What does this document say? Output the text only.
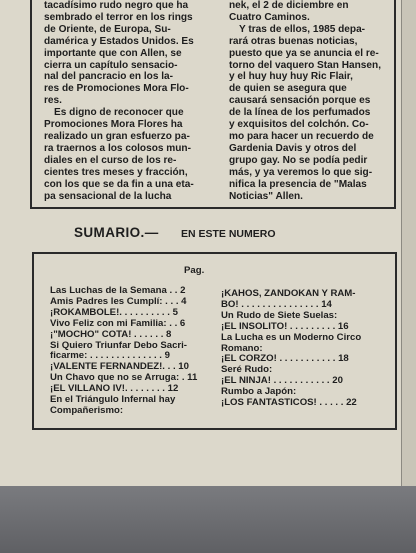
tacadísimo rudo negro que ha

sembrado el terror en los rings

de Oriente, de Europa, Su-

damérica y Estados Unidos. Es

importante que con Allen, se

cierra un capítulo sensacio-

nal del pancracio en los la-

res de Promociones Mora Flo-

res.

Es digno de reconocer que

Promociones Mora Flores ha

realizado un gran esfuerzo pa-

ra traernos a los colosos mun-

diales en el curso de los re-

cientes tres meses y fracción,

con los que se da fin a una eta-

pa sensacional de la lucha

nek, el 2 de diciembre en

Cuatro Caminos.

Y tras de ellos, 1985 depa-

rará otras buenas noticias,

puesto que ya se anuncia el re-

torno del vaquero Stan Hansen,

y el huy huy huy Ric Flair,

de quien se asegura que

causará sensación porque es

de la línea de los perfumados

y exquisitos del colchón. Co-

mo para hacer un recuerdo de

Gardenia Davis y otros del

grupo gay. No se podía pedir

más, y ya veremos lo que sig-

nifica la presencia de "Malas

Noticias" Allen.

SUMARIO.— EN ESTE NUMERO
Pag.
Las Luchas de la Semana . . 2
Amis Padres les Cumplí: . . . 4
¡ROKAMBOLE!. . . . . . . . . . 5
Vivo Feliz con mi Familia: . . 6
¡"MOCHO" COTA! . . . . . . 8
Si Quiero Triunfar Debo Sacri-
ficarme: . . . . . . . . . . . . . . 9
¡VALENTE FERNANDEZ!. . . 10
Un Chavo que no se Arruga: . 11
¡EL VILLANO IV!. . . . . . . . 12
En el Triángulo Infernal hay
Compañerismo:
¡KAHOS, ZANDOKAN Y RAM-
BO! . . . . . . . . . . . . . . . 14
Un Rudo de Siete Suelas:
¡EL INSOLITO! . . . . . . . . . 16
La Lucha es un Moderno Circo
Romano:
¡EL CORZO! . . . . . . . . . . . 18
Seré Rudo:
¡EL NINJA! . . . . . . . . . . . 20
Rumbo a Japón:
¡LOS FANTASTICOS! . . . . . 22
